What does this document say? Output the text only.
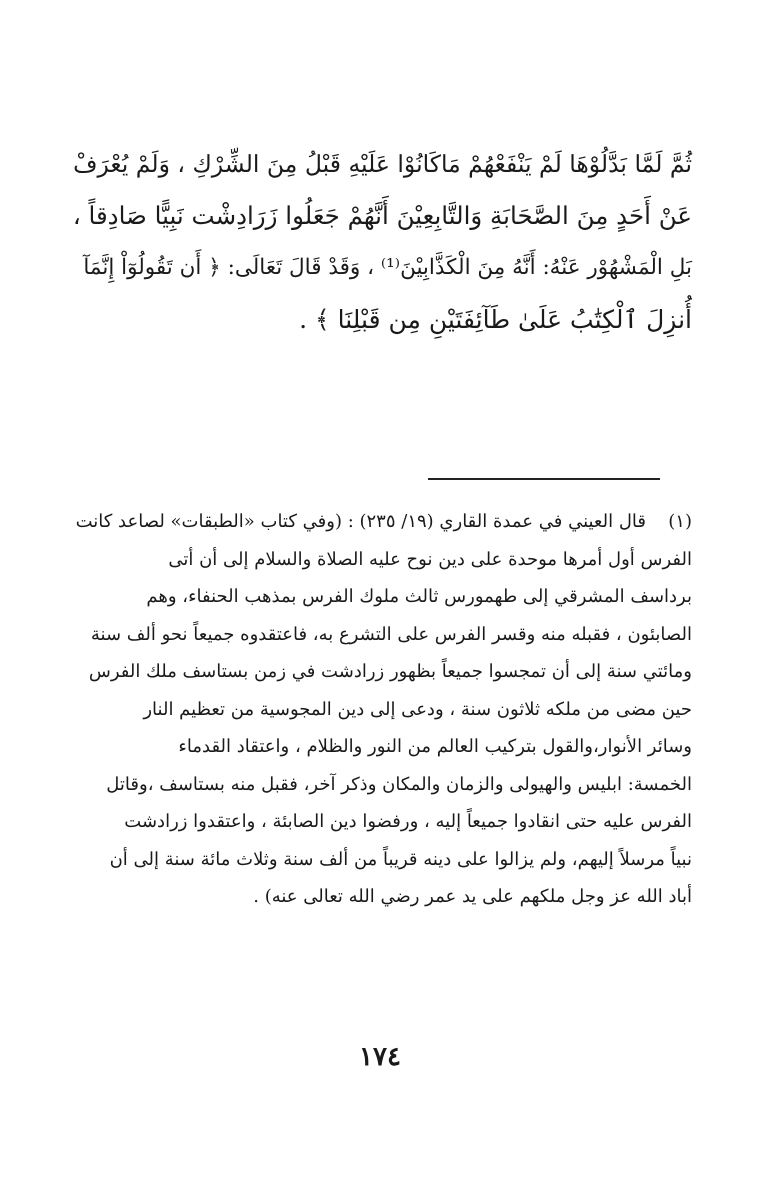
ثُمَّ لَمَّا بَدَّلُوْهَا لَمْ يَنْفَعْهُمْ مَاكَانُوْا عَلَيْهِ قَبْلُ مِنَ الشِّرْكِ ، وَلَمْ يُعْرَفْ
عَنْ أَحَدٍ مِنَ الصَّحَابَةِ وَالتَّابِعِيْنَ أَنَّهُمْ جَعَلُوا زَرَادِشْت نَبِيًّا صَادِقاً ،
بَلِ الْمَشْهُوْر عَنْهُ: أَنَّهُ مِنَ الْكَذَّابِيْنَ⁽¹⁾ ، وَقَدْ قَالَ تَعَالَى: ﴿ أَن تَقُولُوٓاْ إِنَّمَآ
أُنزِلَ ٱلْكِتَٰبُ عَلَىٰ طَآئِفَتَيْنِ مِن قَبْلِنَا ﴾ .
(١)قال العيني في عمدة القاري (١٩/ ٢٣٥) : (وفي كتاب «الطبقات» لصاعد كانت
الفرس أول أمرها موحدة على دين نوح عليه الصلاة والسلام إلى أن أتى
برداسف المشرقي إلى طهمورس ثالث ملوك الفرس بمذهب الحنفاء، وهم
الصابئون ، فقبله منه وقسر الفرس على التشرع به، فاعتقدوه جميعاً نحو ألف سنة
ومائتي سنة إلى أن تمجسوا جميعاً بظهور زرادشت في زمن بستاسف ملك الفرس
حين مضى من ملكه ثلاثون سنة ، ودعى إلى دين المجوسية من تعظيم النار
وسائر الأنوار،والقول بتركيب العالم من النور والظلام ، واعتقاد القدماء
الخمسة: ابليس والهيولى والزمان والمكان وذكر آخر، فقبل منه بستاسف ،وقاتل
الفرس عليه حتى انقادوا جميعاً إليه ، ورفضوا دين الصابئة ، واعتقدوا زرادشت
نبياً مرسلاً إليهم، ولم يزالوا على دينه قريباً من ألف سنة وثلاث مائة سنة إلى أن
أباد الله عز وجل ملكهم على يد عمر رضي الله تعالى عنه) .
١٧٤
